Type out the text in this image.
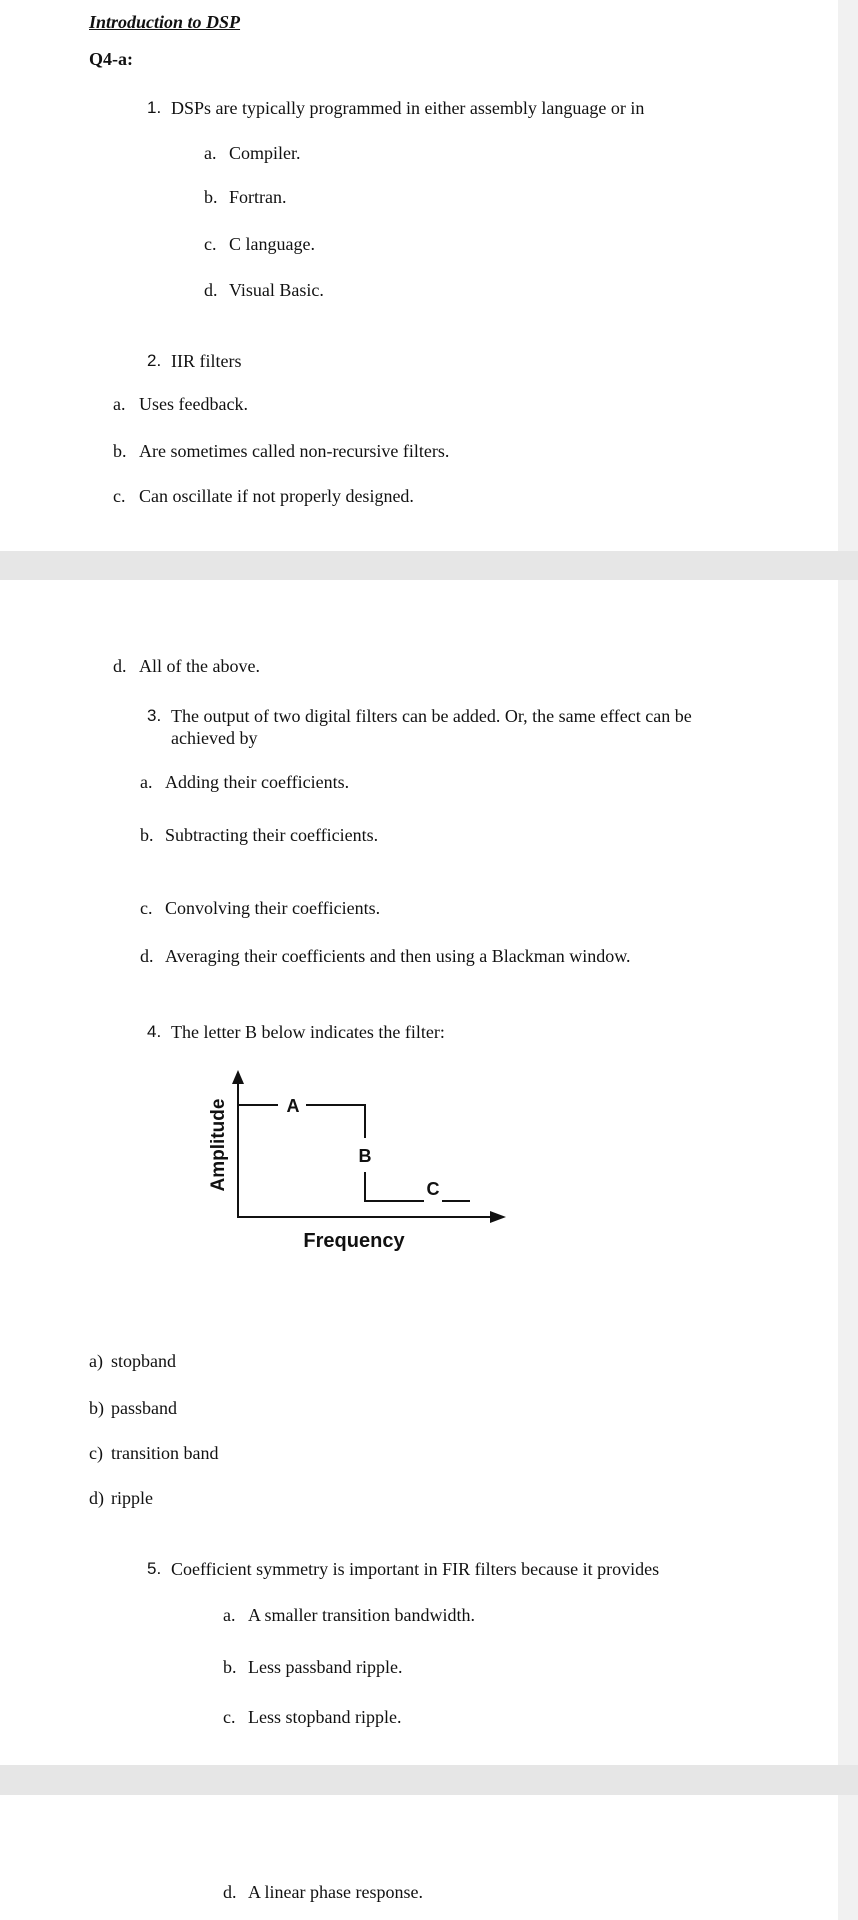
Introduction to DSP
Q4-a:
1. DSPs are typically programmed in either assembly language or in
a. Compiler.
b. Fortran.
c. C language.
d. Visual Basic.
2. IIR filters
a. Uses feedback.
b. Are sometimes called non-recursive filters.
c. Can oscillate if not properly designed.
d. All of the above.
3. The output of two digital filters can be added. Or, the same effect can be
achieved by
a. Adding their coefficients.
b. Subtracting their coefficients.
c. Convolving their coefficients.
d. Averaging their coefficients and then using a Blackman window.
4. The letter B below indicates the filter:
A
B
C
Frequency
Amplitude
a) stopband
b) passband
c) transition band
d) ripple
5. Coefficient symmetry is important in FIR filters because it provides
a. A smaller transition bandwidth.
b. Less passband ripple.
c. Less stopband ripple.
d. A linear phase response.
